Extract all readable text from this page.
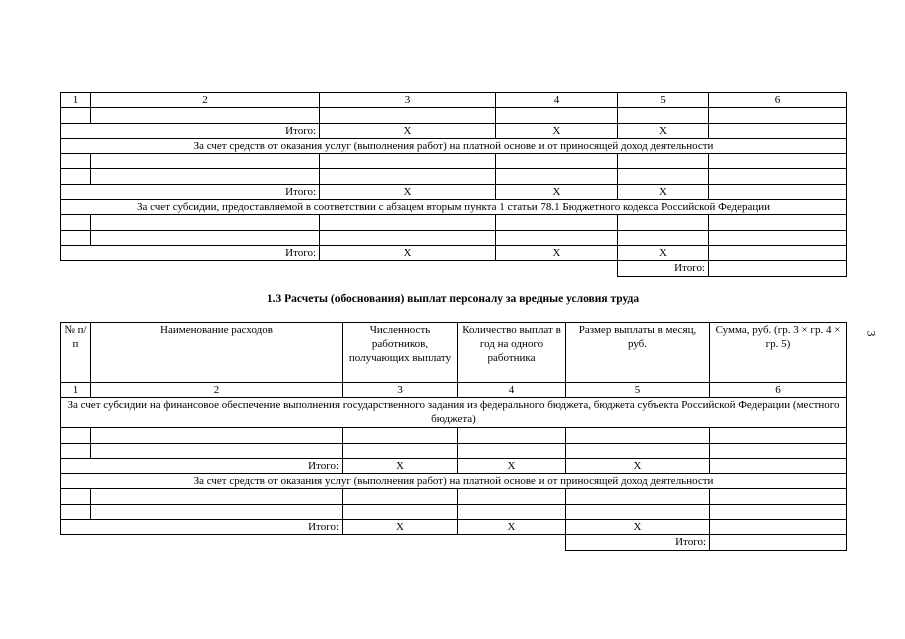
1	2	3	4	5	6

Итого:		X	X	X	
За счет средств от оказания услуг (выполнения работ) на платной основе и от приносящей доход деятельности					

Итого:		X	X	X	
За счет субсидии, предоставляемой в соответствии с абзацем вторым пункта 1 статьи 78.1 Бюджетного кодекса Российской Федерации					

Итого:		X	X	X	
				Итого:	
1.3 Расчеты (обоснования) выплат персоналу за вредные условия труда
3
№ п/п	Наименование расходов	Численность работников, получающих выплату	Количество выплат в год на одного работника	Размер выплаты в месяц, руб.	Сумма, руб. (гр. 3 × гр. 4 × гр. 5)
1	2	3	4	5	6
За счет субсидии на финансовое обеспечение выполнения государственного задания из федерального бюджета, бюджета субъекта Российской Федерации (местного бюджета)					

Итого:		X	X	X	
За счет средств от оказания услуг (выполнения работ) на платной основе и от приносящей доход деятельности					

Итого:		X	X	X	
				Итого:	
